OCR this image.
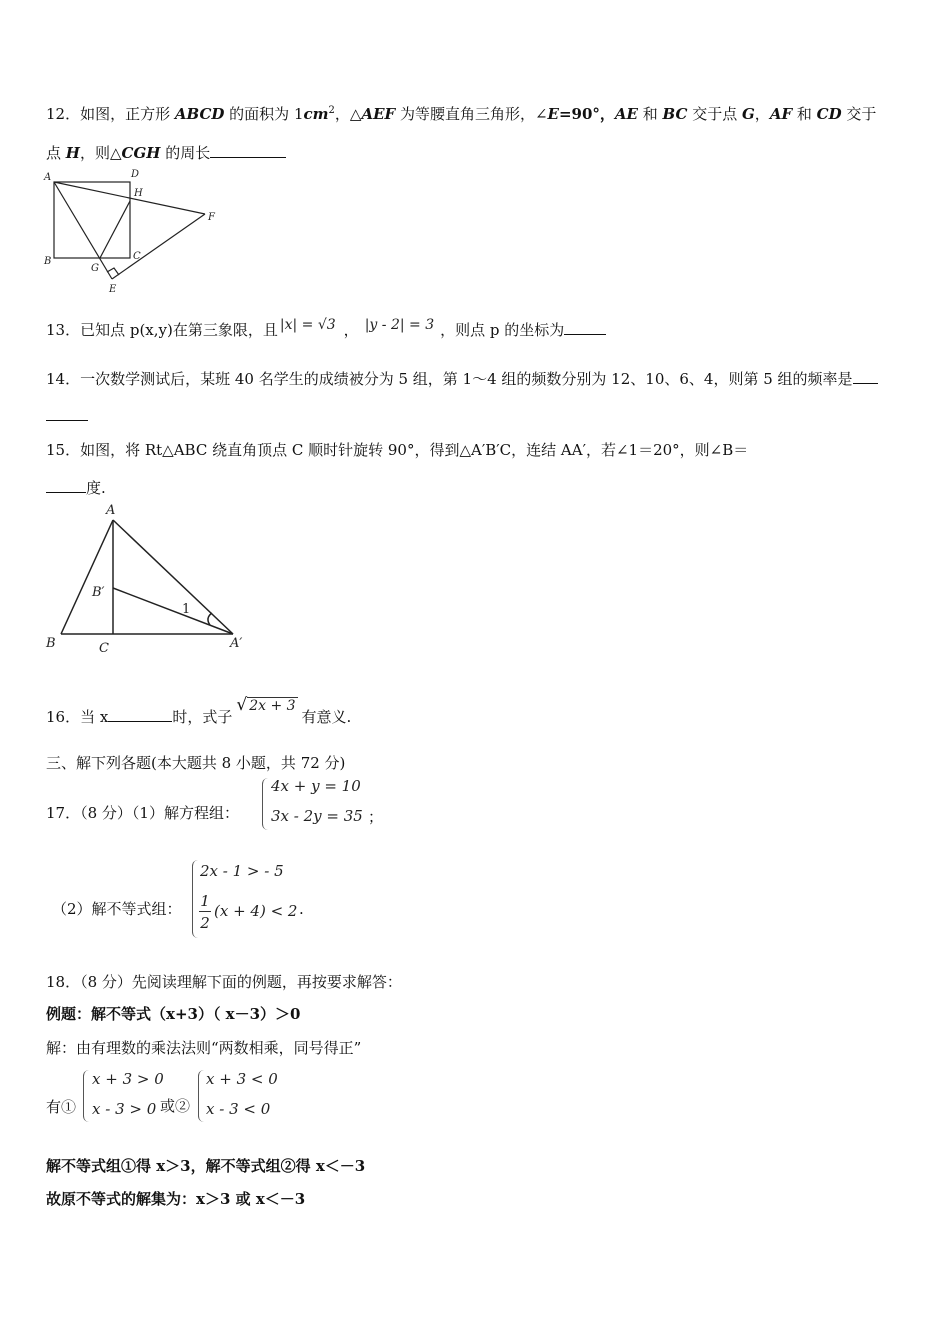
12．如图，正方形 ABCD 的面积为 $1cm^2$，△AEF 为等腰直角三角形，∠E=90°，AE 和 BC 交于点 G，AF 和 CD 交于
点 H，则△CGH 的周长
A	D
H
F
B
G
C
E
13．已知点 p(x,y)在第三象限，且 |x| = √3 ， |y - 2| = 3 ，则点 p 的坐标为
14．一次数学测试后，某班 40 名学生的成绩被分为 5 组，第 1～4 组的频数分别为 12、10、6、4，则第 5 组的频率是
15．如图，将 Rt△ABC 绕直角顶点 C 顺时针旋转 90°，得到△A′B′C，连结 AA′，若∠1＝20°，则∠B＝
度.
A
B′
1
B	C	A′
16．当 x	时，式子√ 2x + 3有意义.
三、解下列各题(本大题共 8 小题，共 72 分)
17．（8 分）（1）解方程组：
4x + y = 10
3x - 2y = 35 ；
（2）解不等式组：
2x - 1 > - 5
1
2
(x + 4) < 2 .
18．（8 分）先阅读理解下面的例题，再按要求解答：
例题：解不等式（x+3）（ x－3）＞0
解：由有理数的乘法法则“两数相乘，同号得正”
有①
x + 3 > 0
x - 3 > 0 或②
x + 3 < 0
x - 3 < 0
解不等式组①得 x＞3，解不等式组②得 x＜－3
故原不等式的解集为：x＞3 或 x＜－3
